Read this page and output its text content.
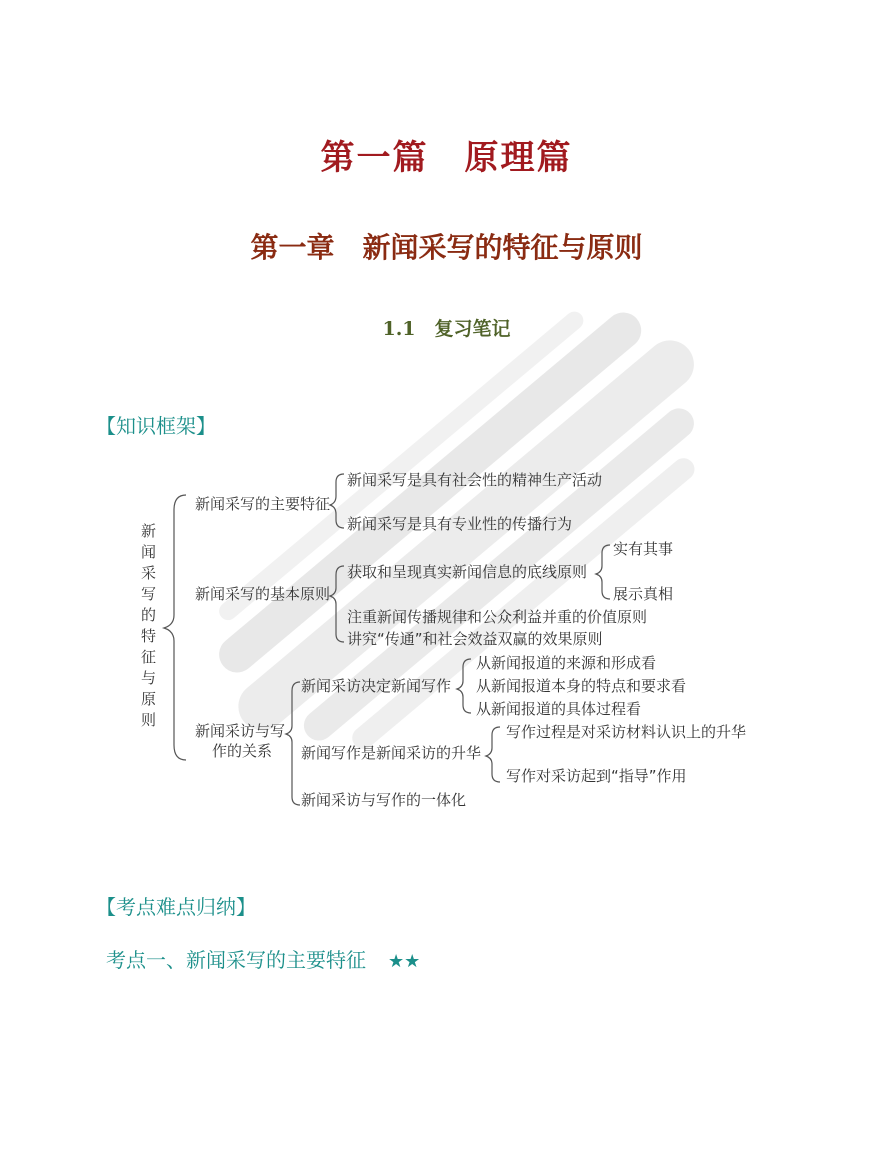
第一篇　原理篇
第一章　新闻采写的特征与原则
1.1　复习笔记
【知识框架】
新
闻
采
写
的
特
征
与
原
则
新闻采写的主要特征
新闻采写是具有社会性的精神生产活动
新闻采写是具有专业性的传播行为
新闻采写的基本原则
获取和呈现真实新闻信息的底线原则
实有其事
展示真相
注重新闻传播规律和公众利益并重的价值原则
讲究“传通”和社会效益双赢的效果原则
新闻采访与写
作的关系
新闻采访决定新闻写作
从新闻报道的来源和形成看
从新闻报道本身的特点和要求看
从新闻报道的具体过程看
新闻写作是新闻采访的升华
写作过程是对采访材料认识上的升华
写作对采访起到“指导”作用
新闻采访与写作的一体化
【考点难点归纳】
考点一、新闻采写的主要特征 ★★
